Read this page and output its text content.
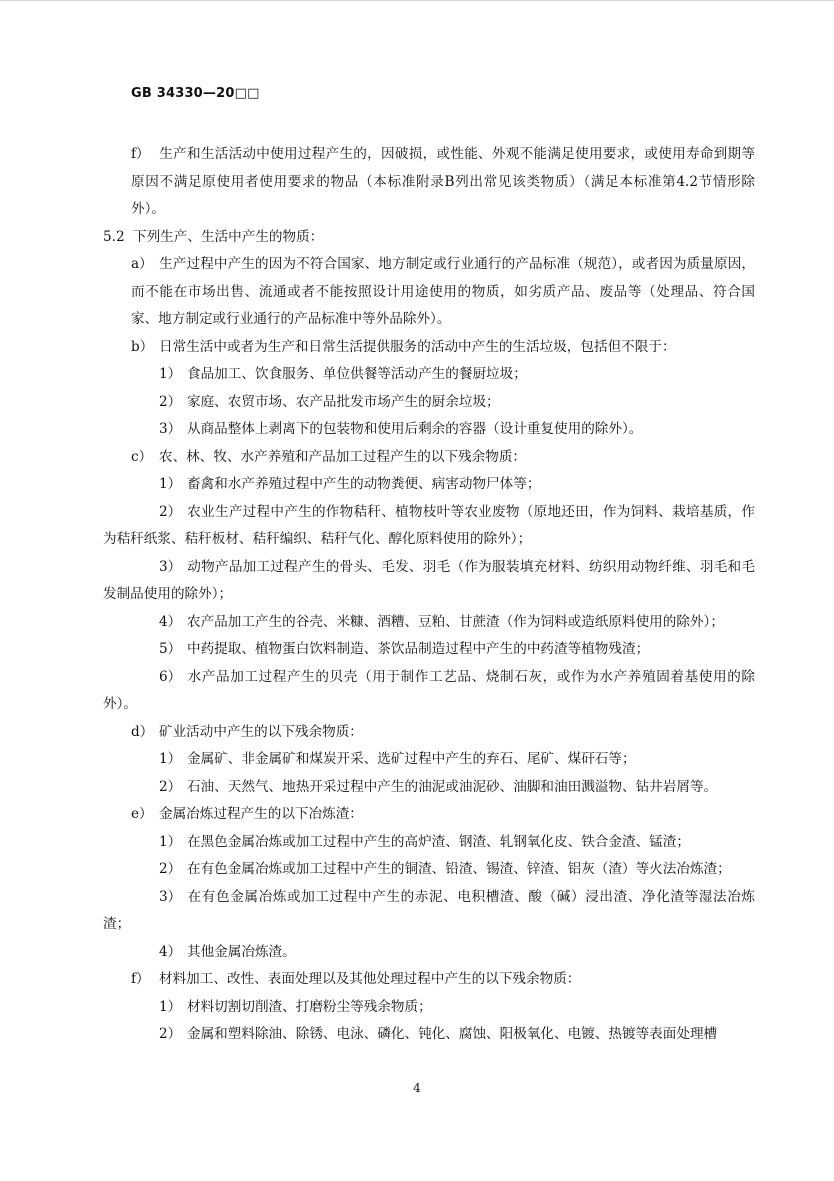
GB 34330—20□□

f） 生产和生活活动中使用过程产生的，因破损，或性能、外观不能满足使用要求，或使用寿命到期等原因不满足原使用者使用要求的物品（本标准附录B列出常见该类物质）（满足本标准第4.2节情形除外）。

5.2 下列生产、生活中产生的物质：

a） 生产过程中产生的因为不符合国家、地方制定或行业通行的产品标准（规范），或者因为质量原因，而不能在市场出售、流通或者不能按照设计用途使用的物质，如劣质产品、废品等（处理品、符合国家、地方制定或行业通行的产品标准中等外品除外）。

b） 日常生活中或者为生产和日常生活提供服务的活动中产生的生活垃圾，包括但不限于：

1） 食品加工、饮食服务、单位供餐等活动产生的餐厨垃圾；

2） 家庭、农贸市场、农产品批发市场产生的厨余垃圾；

3） 从商品整体上剥离下的包装物和使用后剩余的容器（设计重复使用的除外）。

c） 农、林、牧、水产养殖和产品加工过程产生的以下残余物质：

1） 畜禽和水产养殖过程中产生的动物粪便、病害动物尸体等；

2） 农业生产过程中产生的作物秸秆、植物枝叶等农业废物（原地还田，作为饲料、栽培基质，作为秸秆纸浆、秸秆板材、秸秆编织、秸秆气化、醇化原料使用的除外）；

3） 动物产品加工过程产生的骨头、毛发、羽毛（作为服装填充材料、纺织用动物纤维、羽毛和毛发制品使用的除外）；

4） 农产品加工产生的谷壳、米糠、酒糟、豆粕、甘蔗渣（作为饲料或造纸原料使用的除外）；

5） 中药提取、植物蛋白饮料制造、茶饮品制造过程中产生的中药渣等植物残渣；

6） 水产品加工过程产生的贝壳（用于制作工艺品、烧制石灰，或作为水产养殖固着基使用的除外）。

d） 矿业活动中产生的以下残余物质：

1） 金属矿、非金属矿和煤炭开采、选矿过程中产生的弃石、尾矿、煤矸石等；

2） 石油、天然气、地热开采过程中产生的油泥或油泥砂、油脚和油田溅溢物、钻井岩屑等。

e） 金属冶炼过程产生的以下冶炼渣：

1） 在黑色金属冶炼或加工过程中产生的高炉渣、钢渣、轧钢氧化皮、铁合金渣、锰渣；

2） 在有色金属冶炼或加工过程中产生的铜渣、铅渣、锡渣、锌渣、铝灰（渣）等火法冶炼渣；

3） 在有色金属冶炼或加工过程中产生的赤泥、电积槽渣、酸（碱）浸出渣、净化渣等湿法冶炼渣；

4） 其他金属冶炼渣。

f） 材料加工、改性、表面处理以及其他处理过程中产生的以下残余物质：

1） 材料切割切削渣、打磨粉尘等残余物质；

2） 金属和塑料除油、除锈、电泳、磷化、钝化、腐蚀、阳极氧化、电镀、热镀等表面处理槽

4
